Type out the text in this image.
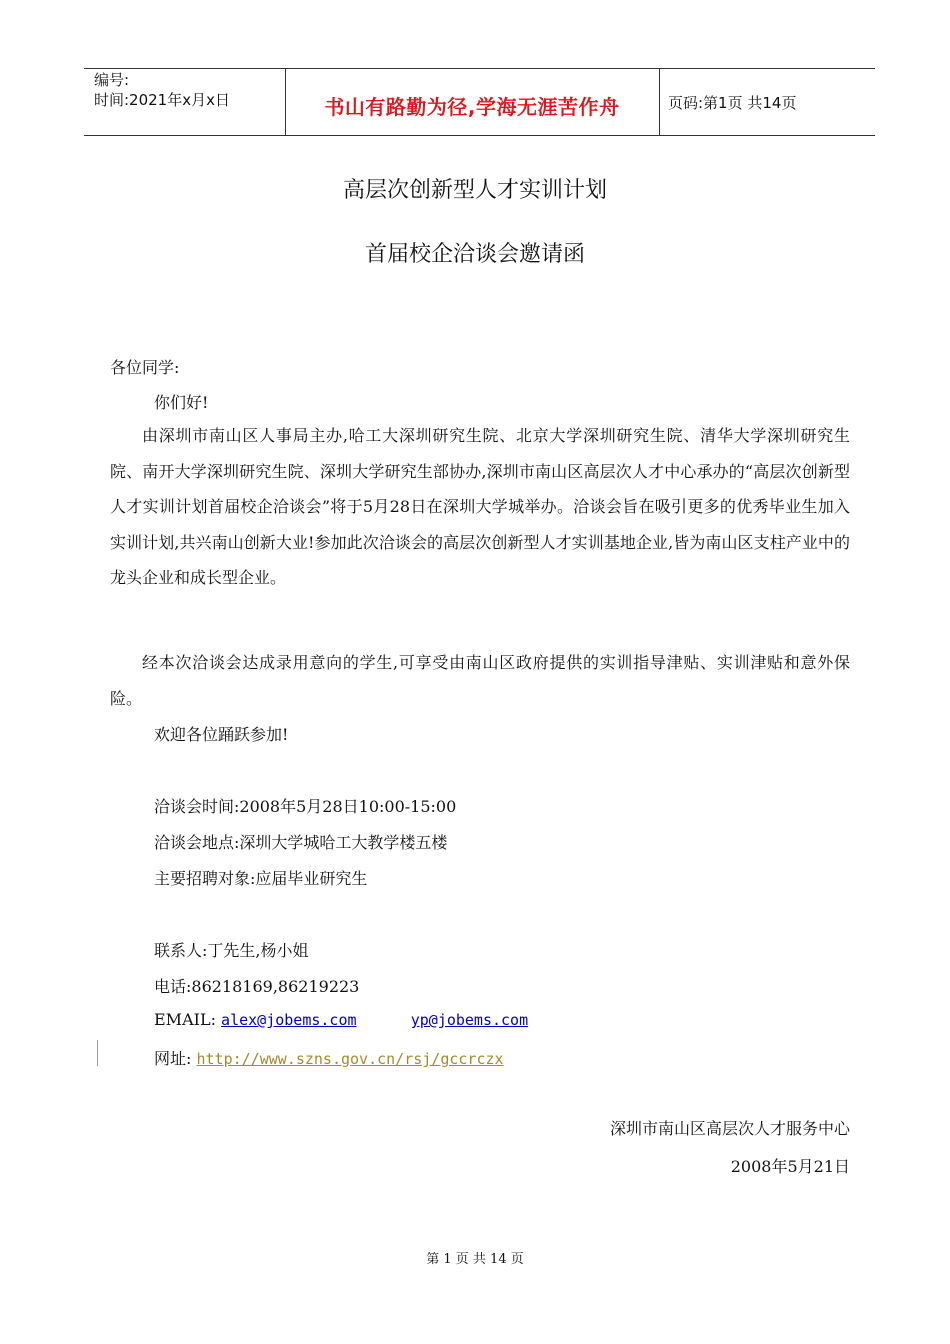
编号:
时间:2021年x月x日	书山有路勤为径,学海无涯苦作舟	页码:第1页 共14页
高层次创新型人才实训计划
首届校企洽谈会邀请函
各位同学:
你们好!
由深圳市南山区人事局主办,哈工大深圳研究生院、北京大学深圳研究生院、清华大学深圳研究生院、南开大学深圳研究生院、深圳大学研究生部协办,深圳市南山区高层次人才中心承办的“高层次创新型人才实训计划首届校企洽谈会”将于5月28日在深圳大学城举办。洽谈会旨在吸引更多的优秀毕业生加入实训计划,共兴南山创新大业!参加此次洽谈会的高层次创新型人才实训基地企业,皆为南山区支柱产业中的龙头企业和成长型企业。
经本次洽谈会达成录用意向的学生,可享受由南山区政府提供的实训指导津贴、实训津贴和意外保险。
欢迎各位踊跃参加!
洽谈会时间:2008年5月28日10:00-15:00
洽谈会地点:深圳大学城哈工大教学楼五楼
主要招聘对象:应届毕业研究生
联系人:丁先生,杨小姐
电话:86218169,86219223
EMAIL: alex@jobems.com	yp@jobems.com
网址: http://www.szns.gov.cn/rsj/gccrczx
深圳市南山区高层次人才服务中心
2008年5月21日
第 1 页 共 14 页
